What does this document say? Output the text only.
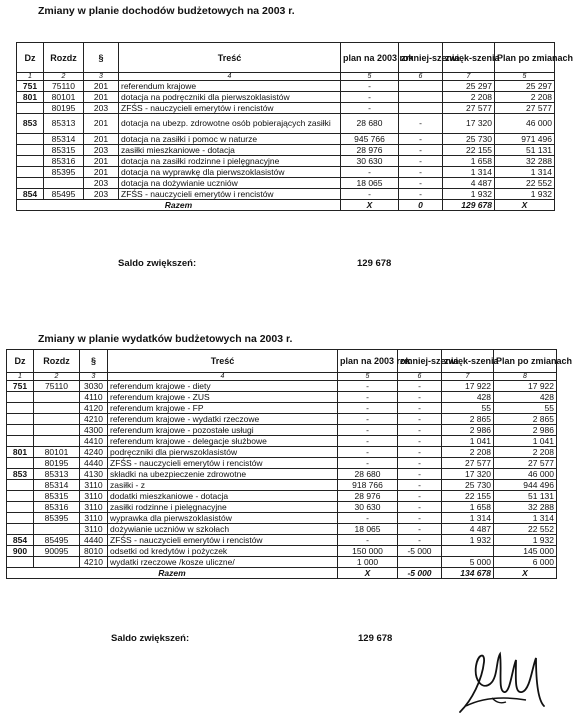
Zmiany w planie dochodów budżetowych na 2003 r.
Dz	Rozdz	§	Treść	plan na 2003 rok	zmniej-szenia	zwięk-szenia	Plan po zmianach
1	2	3	4	5	6	7	5
751	75110	201	referendum krajowe	-		25 297	25 297
801	80101	201	dotacja na podręczniki dla pierwszoklasistów	-		2 208	2 208
	80195	203	ZFŚS - nauczycieli emerytów i rencistów	-		27 577	27 577
853	85313	201	dotacja na ubezp. zdrowotne osób pobierających zasiłki	28 680	-	17 320	46 000
	85314	201	dotacja na zasiłki i pomoc w naturze	945 766	-	25 730	971 496
	85315	203	zasiłki mieszkaniowe - dotacja	28 976	-	22 155	51 131
	85316	201	dotacja na zasiłki rodzinne i pielęgnacyjne	30 630	-	1 658	32 288
	85395	201	dotacja na wyprawkę dla pierwszoklasistów	-	-	1 314	1 314
		203	dotacja na dożywianie uczniów	18 065	-	4 487	22 552
854	85495	203	ZFŚS - nauczycieli emerytów i rencistów	-	-	1 932	1 932
Razem				X	0	129 678	X
Saldo zwiększeń:	129 678
Zmiany w planie wydatków budżetowych na 2003 r.
Dz	Rozdz	§	Treść	plan na 2003 rok	zmniej-szenia	zwięk-szenia	Plan po zmianach
1	2	3	4	5	6	7	8
751	75110	3030	referendum krajowe - diety	-	-	17 922	17 922
		4110	referendum krajowe - ZUS	-	-	428	428
		4120	referendum krajowe - FP	-	-	55	55
		4210	referendum krajowe - wydatki rzeczowe	-	-	2 865	2 865
		4300	referendum krajowe - pozostałe usługi	-	-	2 986	2 986
		4410	referendum krajowe - delegacje służbowe	-	-	1 041	1 041
801	80101	4240	podręczniki dla pierwszoklasistów	-	-	2 208	2 208
	80195	4440	ZFŚS - nauczycieli emerytów i rencistów	-	-	27 577	27 577
853	85313	4130	składki na ubezpieczenie zdrowotne	28 680	-	17 320	46 000
	85314	3110	zasiłki - z	918 766	-	25 730	944 496
	85315	3110	dodatki mieszkaniowe - dotacja	28 976	-	22 155	51 131
	85316	3110	zasiłki rodzinne i pielęgnacyjne	30 630	-	1 658	32 288
	85395	3110	wyprawka dla pierwszoklasistów	-	-	1 314	1 314
		3110	dożywianie uczniów w szkołach	18 065	-	4 487	22 552
854	85495	4440	ZFŚS - nauczycieli emerytów i rencistów	-	-	1 932	1 932
900	90095	8010	odsetki od kredytów i pożyczek	150 000	-5 000		145 000
		4210	wydatki rzeczowe /kosze uliczne/	1 000		5 000	6 000
Razem				X	-5 000	134 678	X
Saldo zwiększeń:	129 678
